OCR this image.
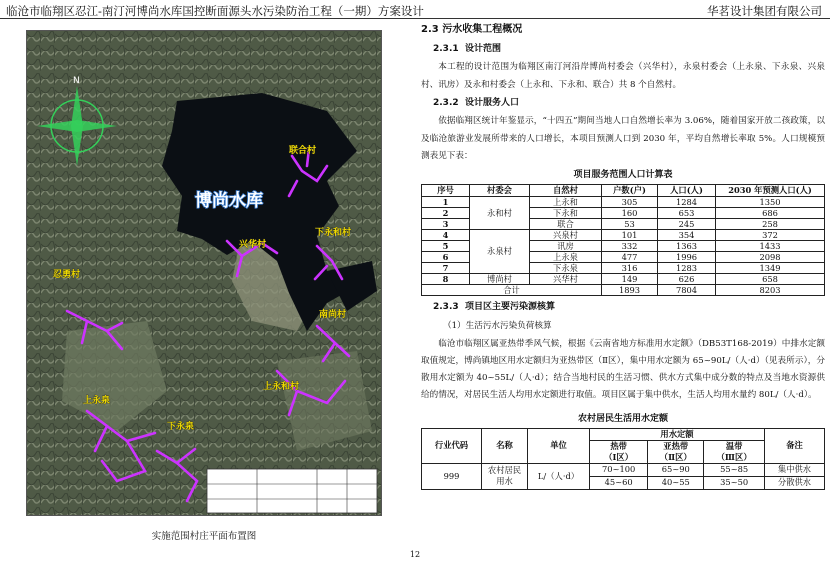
临沧市临翔区忍江-南汀河博尚水库国控断面源头水污染防治工程（一期）方案设计	华茗设计集团有限公司
博尚水库
N
联合村
兴华村
下永和村
忍勇村
南尚村
上永和村
上永泉
下永泉
实施范围村庄平面布置图
2.3 污水收集工程概况
2.3.1 设计范围
本工程的设计范围为临翔区南汀河沿岸博尚村委会（兴华村），永泉村委会（上永泉、下永泉、兴泉村、讯房）及永和村委会（上永和、下永和、联合）共 8 个自然村。
2.3.2 设计服务人口
依据临翔区统计年鉴显示，“十四五”期间当地人口自然增长率为 3.06%，随着国家开放二孩政策，以及临沧旅游业发展所带来的人口增长，本项目预测人口到 2030 年，平均自然增长率取 5%。人口规模预测表见下表：
项目服务范围人口计算表
序号	村委会	自然村	户数(户)	人口(人)	2030 年预测人口(人)
1	永和村	上永和	305	1284	1350
2		下永和	160	653	686
3		联合	53	245	258
4	永泉村	兴泉村	101	354	372
5		讯房	332	1363	1433
6		上永泉	477	1996	2098
7		下永泉	316	1283	1349
8	博尚村	兴华村	149	626	658
合计			1893	7804	8203
2.3.3 项目区主要污染源核算
（1）生活污水污染负荷核算
临沧市临翔区属亚热带季风气候，根据《云南省地方标准用水定额》（DB53T168-2019）中排水定额取值规定，博尚镇地区用水定额归为亚热带区（Ⅱ区），集中用水定额为 65~90L/（人·d）（见表所示），分散用水定额为 40~55L/（人·d）；结合当地村民的生活习惯、供水方式集中成分数的特点及当地水资源供给的情况，对居民生活人均用水定额进行取值。项目区属于集中供水，生活人均用水量约 80L/（人·d）。
农村居民生活用水定额
行业代码	名称	单位	用水定额			备注
			热带
（Ⅰ区）	亚热带
（Ⅱ区）	温带
（Ⅲ区）	
999	农村居民用水	L/（人·d）	70~100	65~90	55~85	集中供水
			45~60	40~55	35~50	分散供水
12
